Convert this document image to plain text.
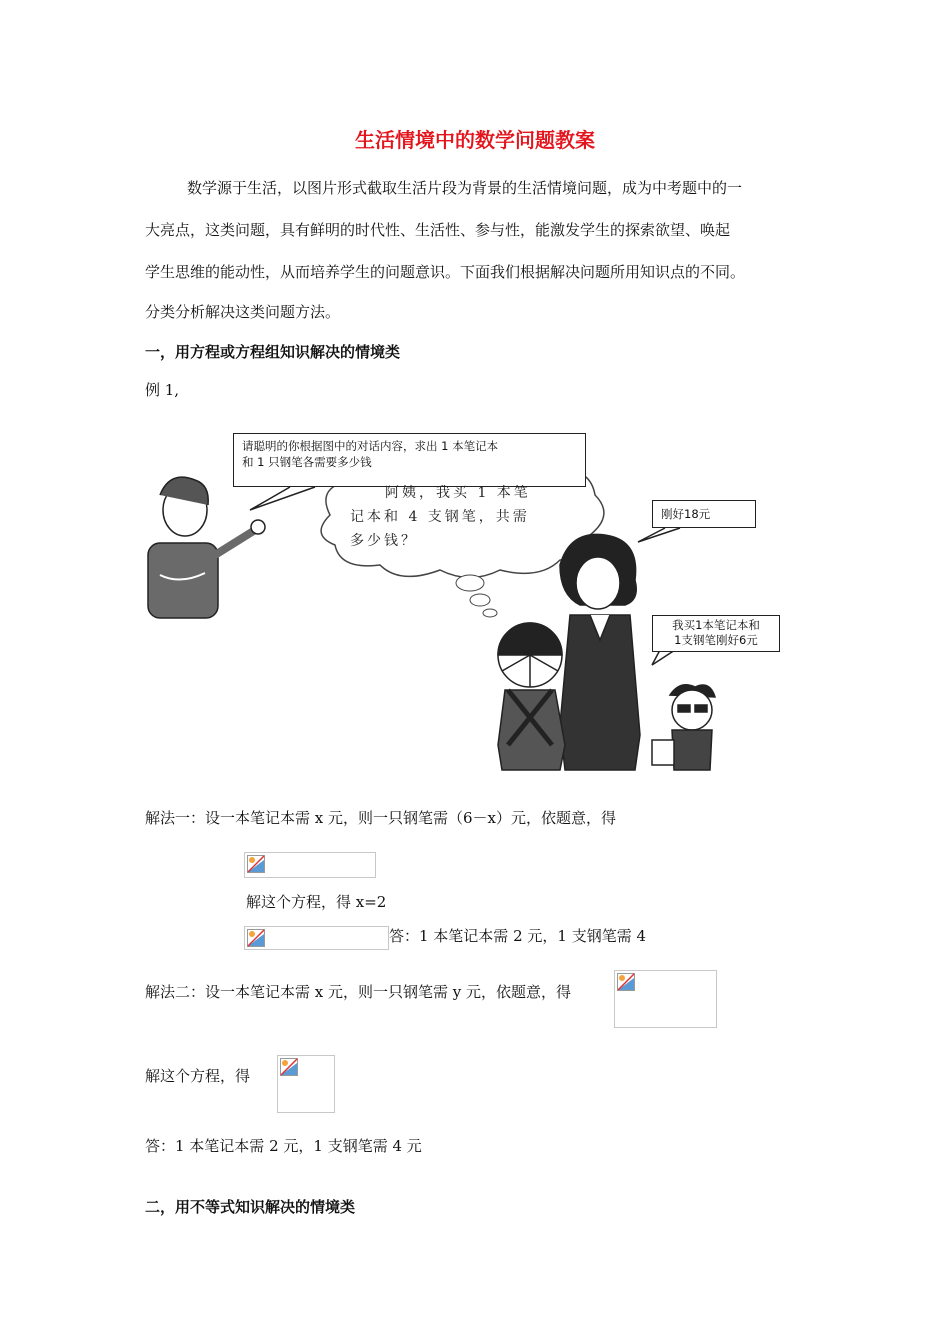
生活情境中的数学问题教案
数学源于生活，以图片形式截取生活片段为背景的生活情境问题，成为中考题中的一
大亮点，这类问题，具有鲜明的时代性、生活性、参与性，能激发学生的探索欲望、唤起
学生思维的能动性，从而培养学生的问题意识。下面我们根据解决问题所用知识点的不同。
分类分析解决这类问题方法。
一，用方程或方程组知识解决的情境类
例 1,
请聪明的你根据图中的对话内容，求出 1 本笔记本
和 1 只钢笔各需要多少钱
阿姨，我买 1 本笔
记本和 4 支钢笔，共需
多少钱？
刚好18元
我买1本笔记本和
1支钢笔刚好6元
解法一：设一本笔记本需 x 元，则一只钢笔需（6－x）元，依题意，得
解这个方程，得 x=2
答：1 本笔记本需 2 元，1 支钢笔需 4
解法二：设一本笔记本需 x 元，则一只钢笔需 y 元，依题意，得
解这个方程，得
答：1 本笔记本需 2 元，1 支钢笔需 4 元
二，用不等式知识解决的情境类
